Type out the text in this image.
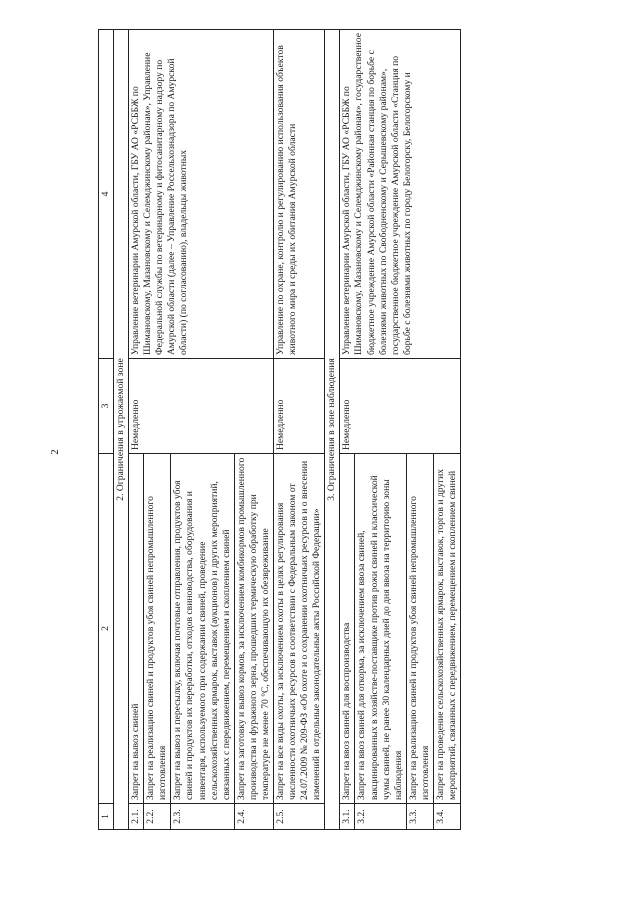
2
1	2	3	4
2. Ограничения в угрожаемой зоне			
2.1.	Запрет на вывоз свиней	Немедленно	Управление ветеринарии Амурской области, ГБУ АО «РСББЖ по Шимановскому, Мазановскому и Селемджинскому районам», Управление Федеральной службы по ветеринарному и фитосанитарному надзору по Амурской области (далее – Управление Россельхознадзора по Амурской области) (по согласованию), владельцы животных
2.2.	Запрет на реализацию свиней и продуктов убоя свиней непромышленного изготовления		
2.3.	Запрет на вывоз и пересылку, включая почтовые отправления, продуктов убоя свиней и продуктов их переработки, отходов свиноводства, оборудования и инвентаря, используемого при содержании свиней, проведение сельскохозяйственных ярмарок, выставок (аукционов) и других мероприятий, связанных с передвижением, перемещением и скоплением свиней		
2.4.	Запрет на заготовку и вывоз кормов, за исключением комбикормов промышленного производства и фуражного зерна, прошедших термическую обработку при температуре не менее 70 °С, обеспечивающую их обезвреживание		
2.5.	Запрет на все виды охоты, за исключением охоты в целях регулирования численности охотничьих ресурсов в соответствии с Федеральным законом от 24.07.2009 № 209-ФЗ «Об охоте и о сохранении охотничьих ресурсов и о внесении изменений в отдельные законодательные акты Российской Федерации»	Немедленно	Управление по охране, контролю и регулированию использования объектов животного мира и среды их обитания Амурской области
3. Ограничения в зоне наблюдения			
3.1.	Запрет на ввоз свиней для воспроизводства	Немедленно	Управление ветеринарии Амурской области, ГБУ АО «РСББЖ по Шимановскому, Мазановскому и Селемджинскому районам», государственное бюджетное учреждение Амурской области «Районная станция по борьбе с болезнями животных по Свободненскому и Серышевскому районам», государственное бюджетное учреждение Амурской области «Станция по борьбе с болезнями животных по городу Белогорску, Белогорскому и
3.2.	Запрет на ввоз свиней для откорма, за исключением ввоза свиней, вакцинированных в хозяйстве-поставщике против рожи свиней и классической чумы свиней, не ранее 30 календарных дней до дня ввоза на территорию зоны наблюдения		
3.3.	Запрет на реализацию свиней и продуктов убоя свиней непромышленного изготовления		
3.4.	Запрет на проведение сельскохозяйственных ярмарок, выставок, торгов и других мероприятий, связанных с передвижением, перемещением и скоплением свиней		
